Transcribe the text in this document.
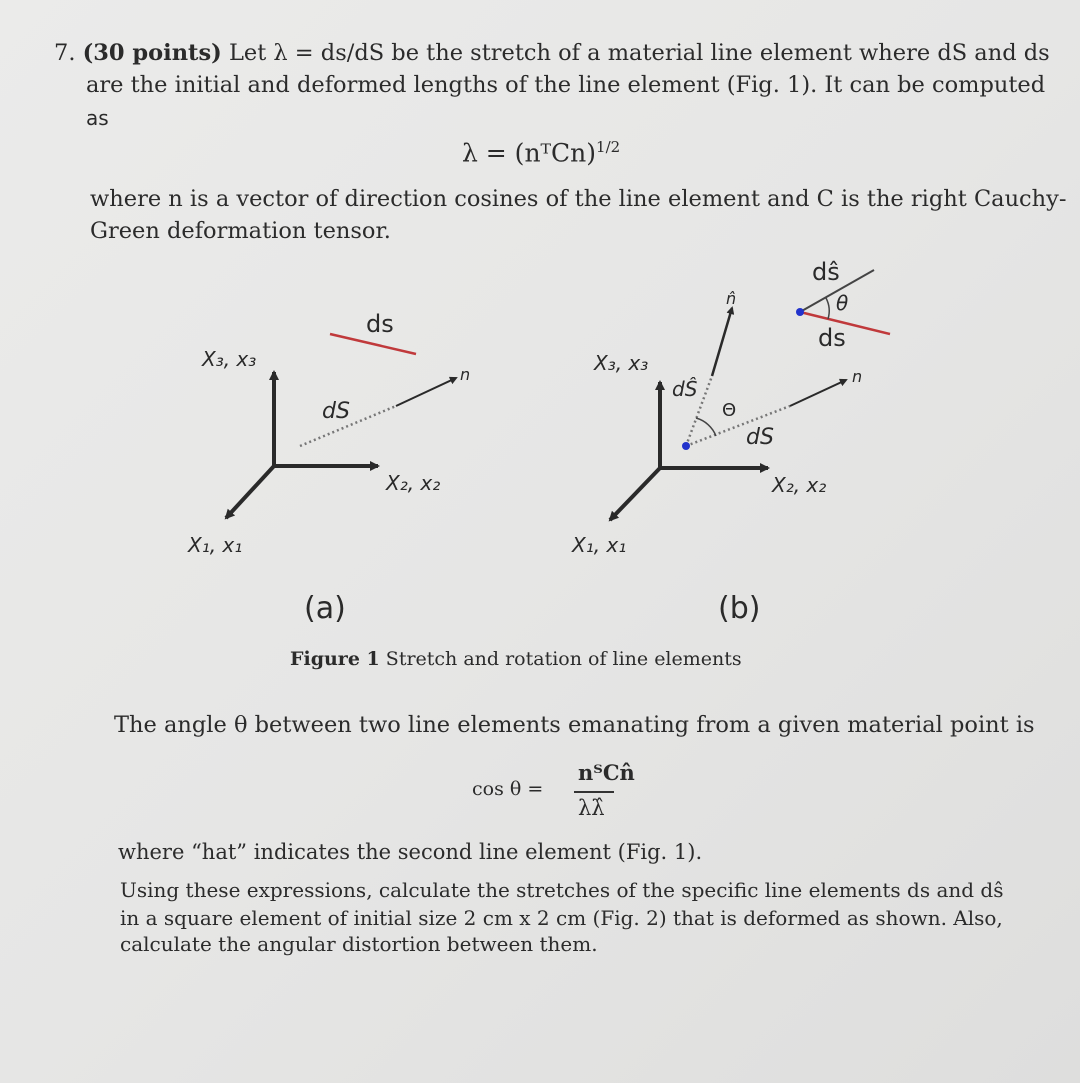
7. (30 points) Let λ = ds/dS be the stretch of a material line element where dS and ds
are the initial and deformed lengths of the line element (Fig. 1). It can be computed
as
λ = (nᵀCn)$^{1/2}$
where n is a vector of direction cosines of the line element and C is the right Cauchy-
Green deformation tensor.
X₃, x₃
X₂, x₂
X₁, x₁
ds
dS
n	X₃, x₃
X₂, x₂
X₁, x₁
n̂
dŜ
Θ
dS
dŝ
θ
ds
n
(a)	(b)
Figure 1 Stretch and rotation of line elements
The angle θ between two line elements emanating from a given material point is
cos θ =
nᵀCn̂
λλ̂
where “hat” indicates the second line element (Fig. 1).
Using these expressions, calculate the stretches of the specific line elements ds and dŝ
in a square element of initial size 2 cm x 2 cm (Fig. 2) that is deformed as shown. Also,
calculate the angular distortion between them.
